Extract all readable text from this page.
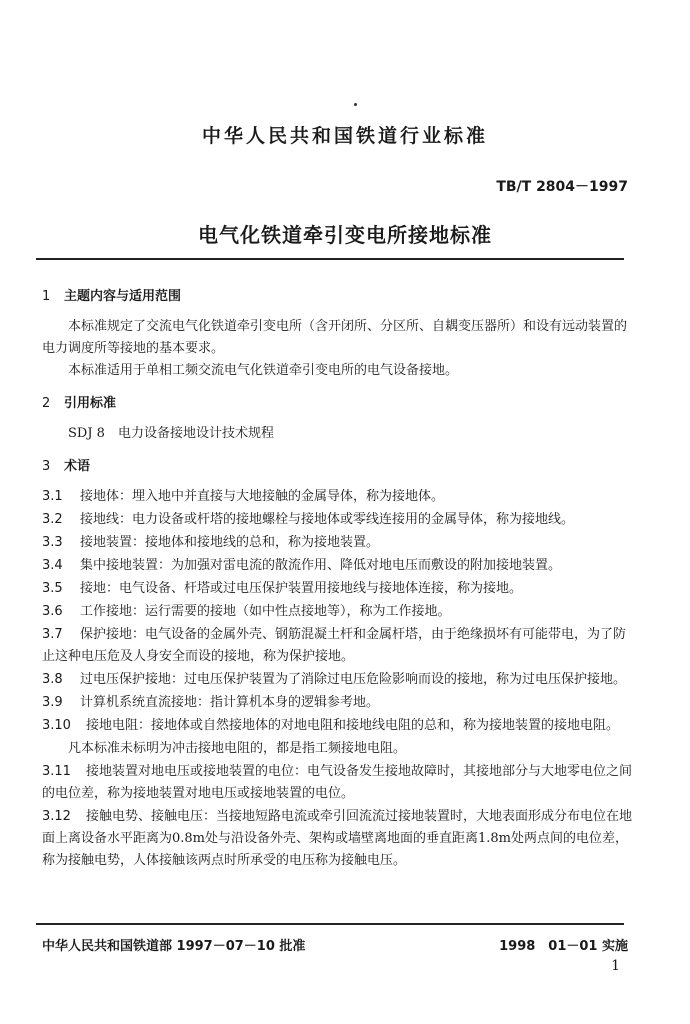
中华人民共和国铁道行业标准
TB/T 2804－1997
电气化铁道牵引变电所接地标准
1 主题内容与适用范围
本标准规定了交流电气化铁道牵引变电所（含开闭所、分区所、自耦变压器所）和设有远动装置的电力调度所等接地的基本要求。
本标准适用于单相工频交流电气化铁道牵引变电所的电气设备接地。
2 引用标准
SDJ 8　电力设备接地设计技术规程
3 术语
3.1 接地体：埋入地中并直接与大地接触的金属导体，称为接地体。
3.2 接地线：电力设备或杆塔的接地螺栓与接地体或零线连接用的金属导体，称为接地线。
3.3 接地装置：接地体和接地线的总和，称为接地装置。
3.4 集中接地装置：为加强对雷电流的散流作用、降低对地电压而敷设的附加接地装置。
3.5 接地：电气设备、杆塔或过电压保护装置用接地线与接地体连接，称为接地。
3.6 工作接地：运行需要的接地（如中性点接地等），称为工作接地。
3.7 保护接地：电气设备的金属外壳、钢筋混凝土杆和金属杆塔，由于绝缘损坏有可能带电，为了防止这种电压危及人身安全而设的接地，称为保护接地。
3.8 过电压保护接地：过电压保护装置为了消除过电压危险影响而设的接地，称为过电压保护接地。
3.9 计算机系统直流接地：指计算机本身的逻辑参考地。
3.10 接地电阻：接地体或自然接地体的对地电阻和接地线电阻的总和，称为接地装置的接地电阻。
凡本标准未标明为冲击接地电阻的，都是指工频接地电阻。
3.11 接地装置对地电压或接地装置的电位：电气设备发生接地故障时，其接地部分与大地零电位之间的电位差，称为接地装置对地电压或接地装置的电位。
3.12 接触电势、接触电压：当接地短路电流或牵引回流流过接地装置时，大地表面形成分布电位在地面上离设备水平距离为0.8m处与沿设备外壳、架构或墙壁离地面的垂直距离1.8m处两点间的电位差，称为接触电势，人体接触该两点时所承受的电压称为接触电压。
中华人民共和国铁道部 1997－07－10 批准	1998　01－01 实施
1
